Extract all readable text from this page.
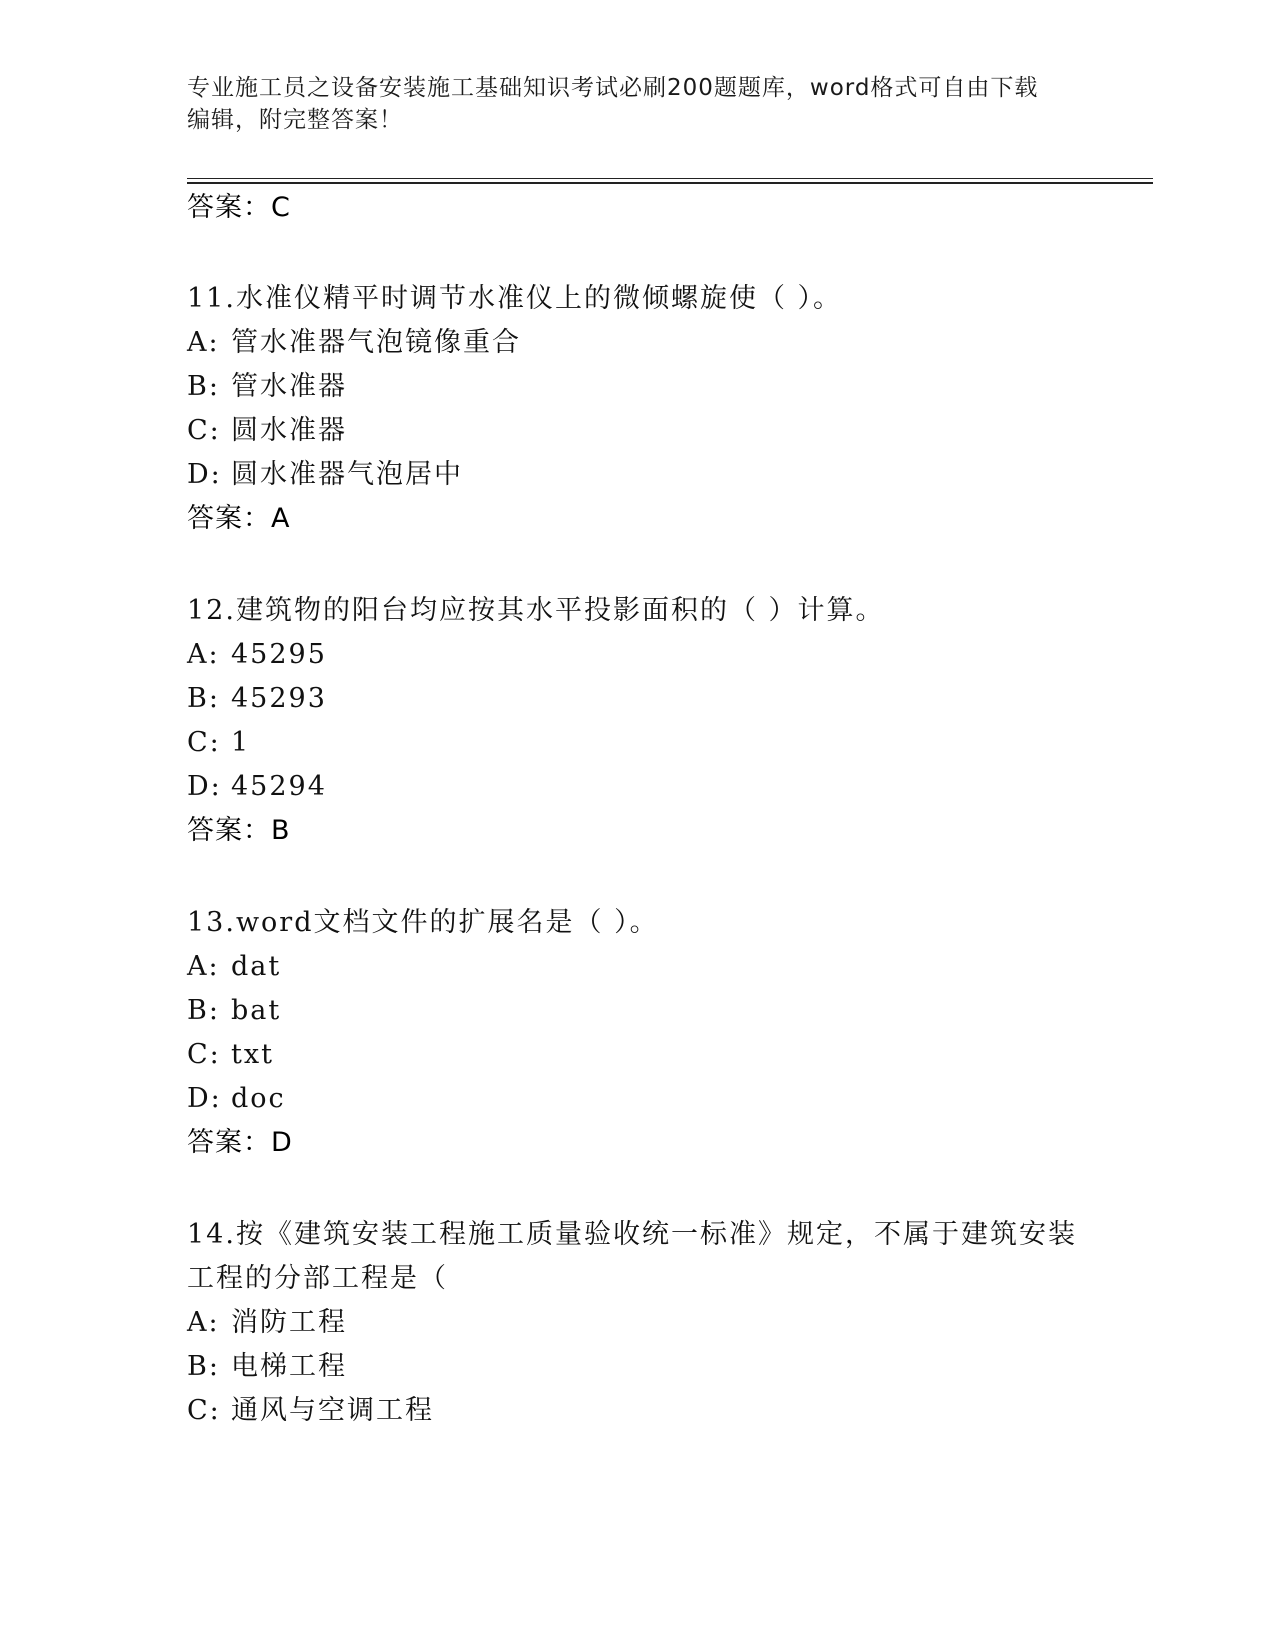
专业施工员之设备安装施工基础知识考试必刷200题题库，word格式可自由下载
编辑，附完整答案！
答案：C
11.水准仪精平时调节水准仪上的微倾螺旋使（ ）。
A: 管水准器气泡镜像重合
B: 管水准器
C: 圆水准器
D: 圆水准器气泡居中
答案：A
12.建筑物的阳台均应按其水平投影面积的（ ）计算。
A: 45295
B: 45293
C: 1
D: 45294
答案：B
13.word文档文件的扩展名是（ ）。
A: dat
B: bat
C: txt
D: doc
答案：D
14.按《建筑安装工程施工质量验收统一标准》规定，不属于建筑安装
工程的分部工程是（
A: 消防工程
B: 电梯工程
C: 通风与空调工程
